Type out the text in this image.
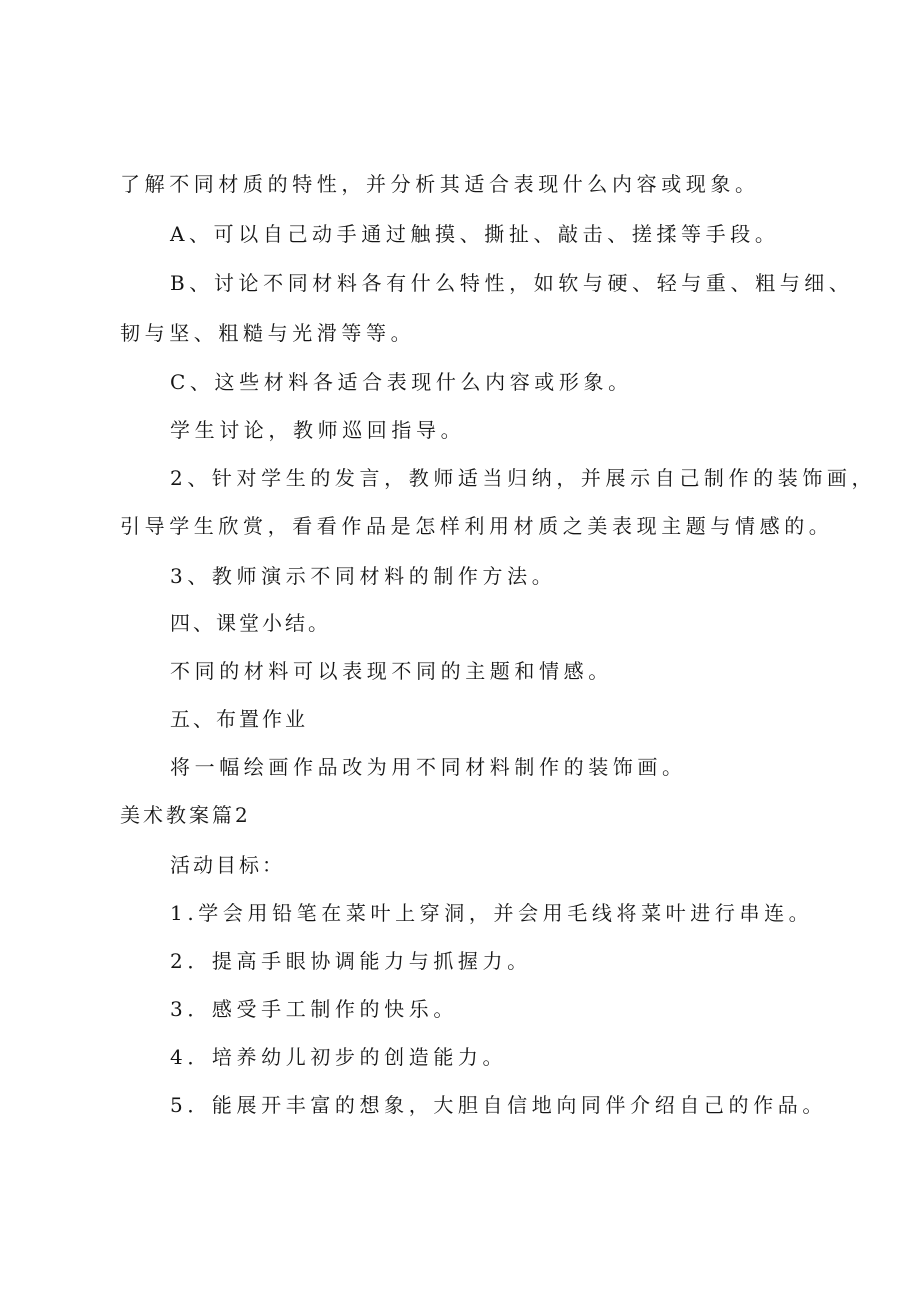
了解不同材质的特性，并分析其适合表现什么内容或现象。
A、可以自己动手通过触摸、撕扯、敲击、搓揉等手段。
B、讨论不同材料各有什么特性，如软与硬、轻与重、粗与细、
韧与坚、粗糙与光滑等等。
C、这些材料各适合表现什么内容或形象。
学生讨论，教师巡回指导。
2、针对学生的发言，教师适当归纳，并展示自己制作的装饰画，
引导学生欣赏，看看作品是怎样利用材质之美表现主题与情感的。
3、教师演示不同材料的制作方法。
四、课堂小结。
不同的材料可以表现不同的主题和情感。
五、布置作业
将一幅绘画作品改为用不同材料制作的装饰画。
美术教案篇2
活动目标：
1.学会用铅笔在菜叶上穿洞，并会用毛线将菜叶进行串连。
2．提高手眼协调能力与抓握力。
3．感受手工制作的快乐。
4．培养幼儿初步的创造能力。
5．能展开丰富的想象，大胆自信地向同伴介绍自己的作品。
